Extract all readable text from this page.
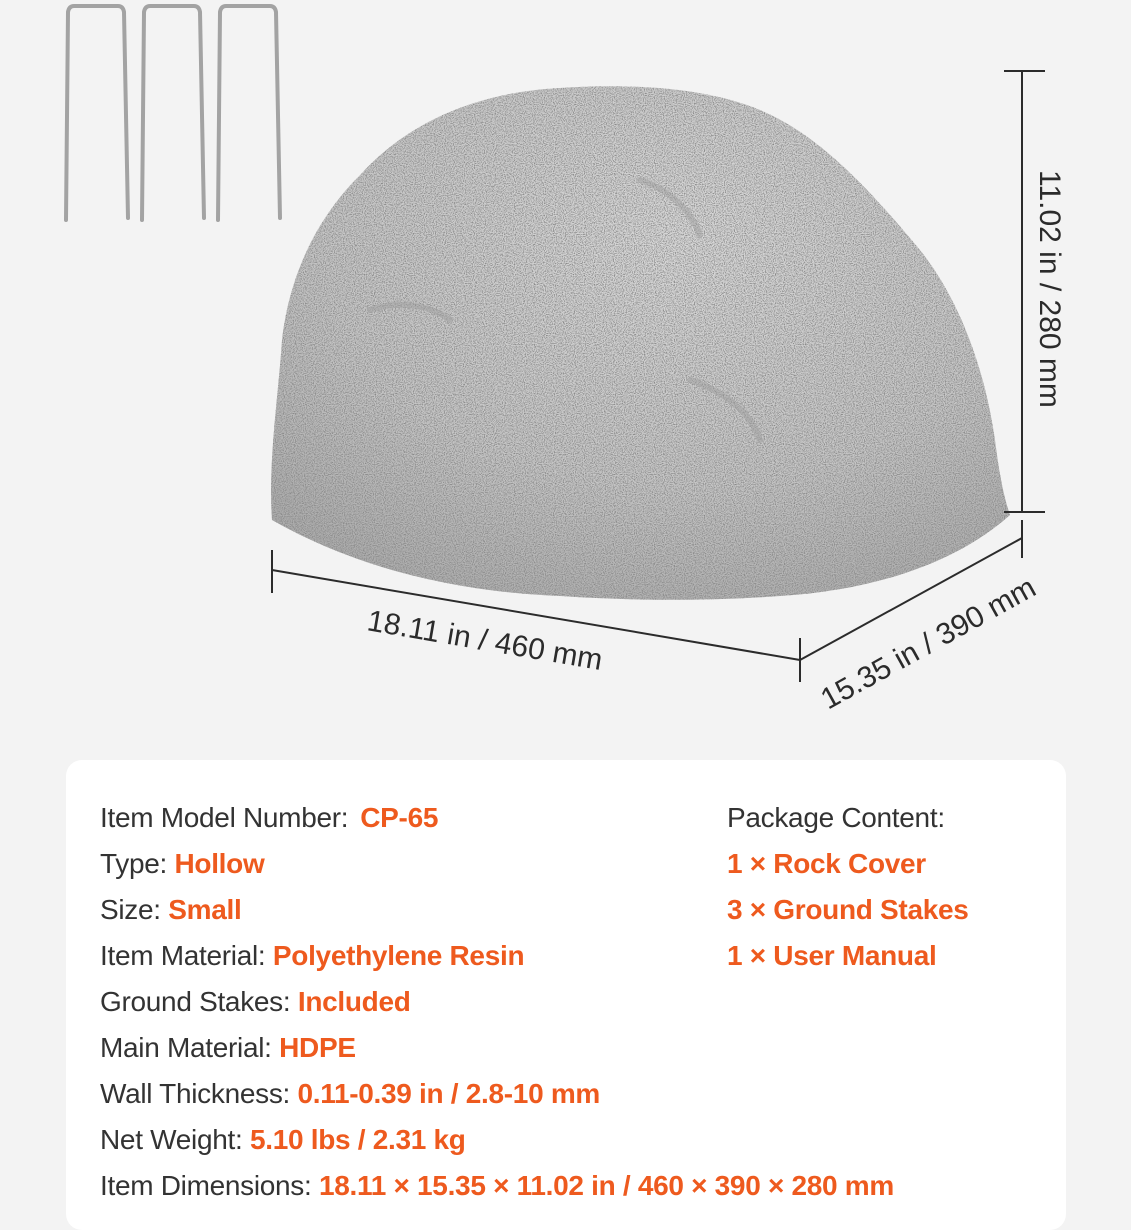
11.02 in / 280 mm
18.11 in / 460 mm	15.35 in / 390 mm
Item Model Number: CP-65
Type: Hollow
Size: Small
Item Material: Polyethylene Resin
Ground Stakes: Included
Main Material: HDPE
Wall Thickness: 0.11-0.39 in / 2.8-10 mm
Net Weight: 5.10 lbs / 2.31 kg
Item Dimensions: 18.11 × 15.35 × 11.02 in / 460 × 390 × 280 mm
Package Content:
1 × Rock Cover
3 × Ground Stakes
1 × User Manual
